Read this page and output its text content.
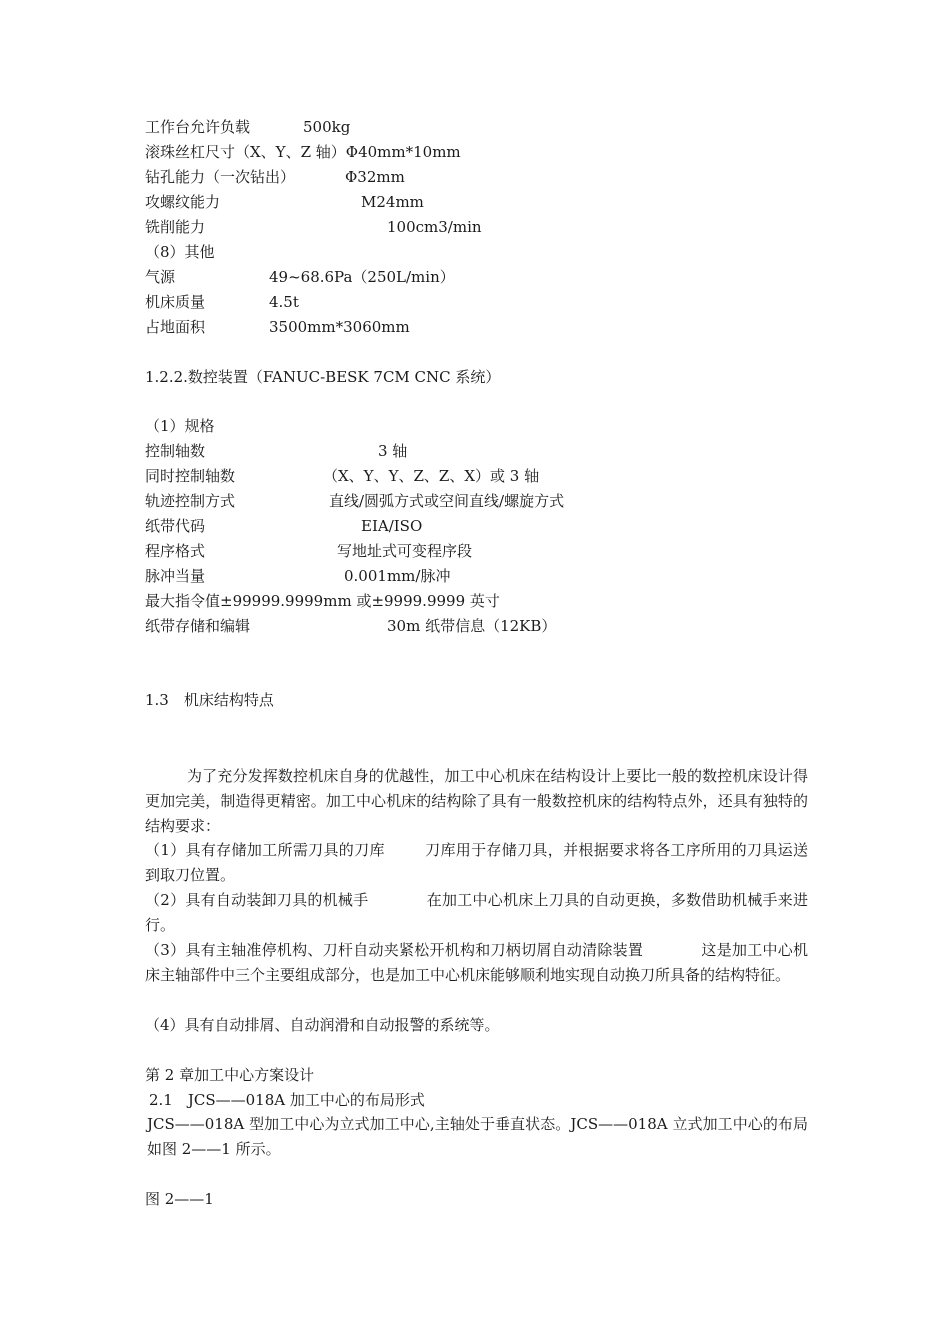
工作台允许负载	500kg
滚珠丝杠尺寸（X、Y、Z 轴）Φ40mm*10mm
钻孔能力（一次钻出）	Φ32mm
攻螺纹能力	M24mm
铣削能力	100cm3/min
（8）其他
气源	49~68.6Pa（250L/min）
机床质量	4.5t
占地面积	3500mm*3060mm
1.2.2.数控装置（FANUC-BESK 7CM CNC 系统）
（1）规格
控制轴数	3 轴
同时控制轴数	（X、Y、Y、Z、Z、X）或 3 轴
轨迹控制方式	直线/圆弧方式或空间直线/螺旋方式
纸带代码	EIA/ISO
程序格式	写地址式可变程序段
脉冲当量	0.001mm/脉冲
最大指令值±99999.9999mm 或±9999.9999 英寸
纸带存储和编辑	30m 纸带信息（12KB）
1.3　机床结构特点
为了充分发挥数控机床自身的优越性，加工中心机床在结构设计上要比一般的数控机床设计得更加完美，制造得更精密。加工中心机床的结构除了具有一般数控机床的结构特点外，还具有独特的结构要求：
（1）具有存储加工所需刀具的刀库	刀库用于存储刀具，并根据要求将各工序所用的刀具运送到取刀位置。
（2）具有自动装卸刀具的机械手	在加工中心机床上刀具的自动更换，多数借助机械手来进行。
（3）具有主轴准停机构、刀杆自动夹紧松开机构和刀柄切屑自动清除装置	这是加工中心机床主轴部件中三个主要组成部分，也是加工中心机床能够顺利地实现自动换刀所具备的结构特征。
（4）具有自动排屑、自动润滑和自动报警的系统等。
第 2 章加工中心方案设计
2.1　JCS——018A 加工中心的布局形式
JCS——018A 型加工中心为立式加工中心,主轴处于垂直状态。JCS——018A 立式加工中心的布局如图 2——1 所示。
图 2——1
